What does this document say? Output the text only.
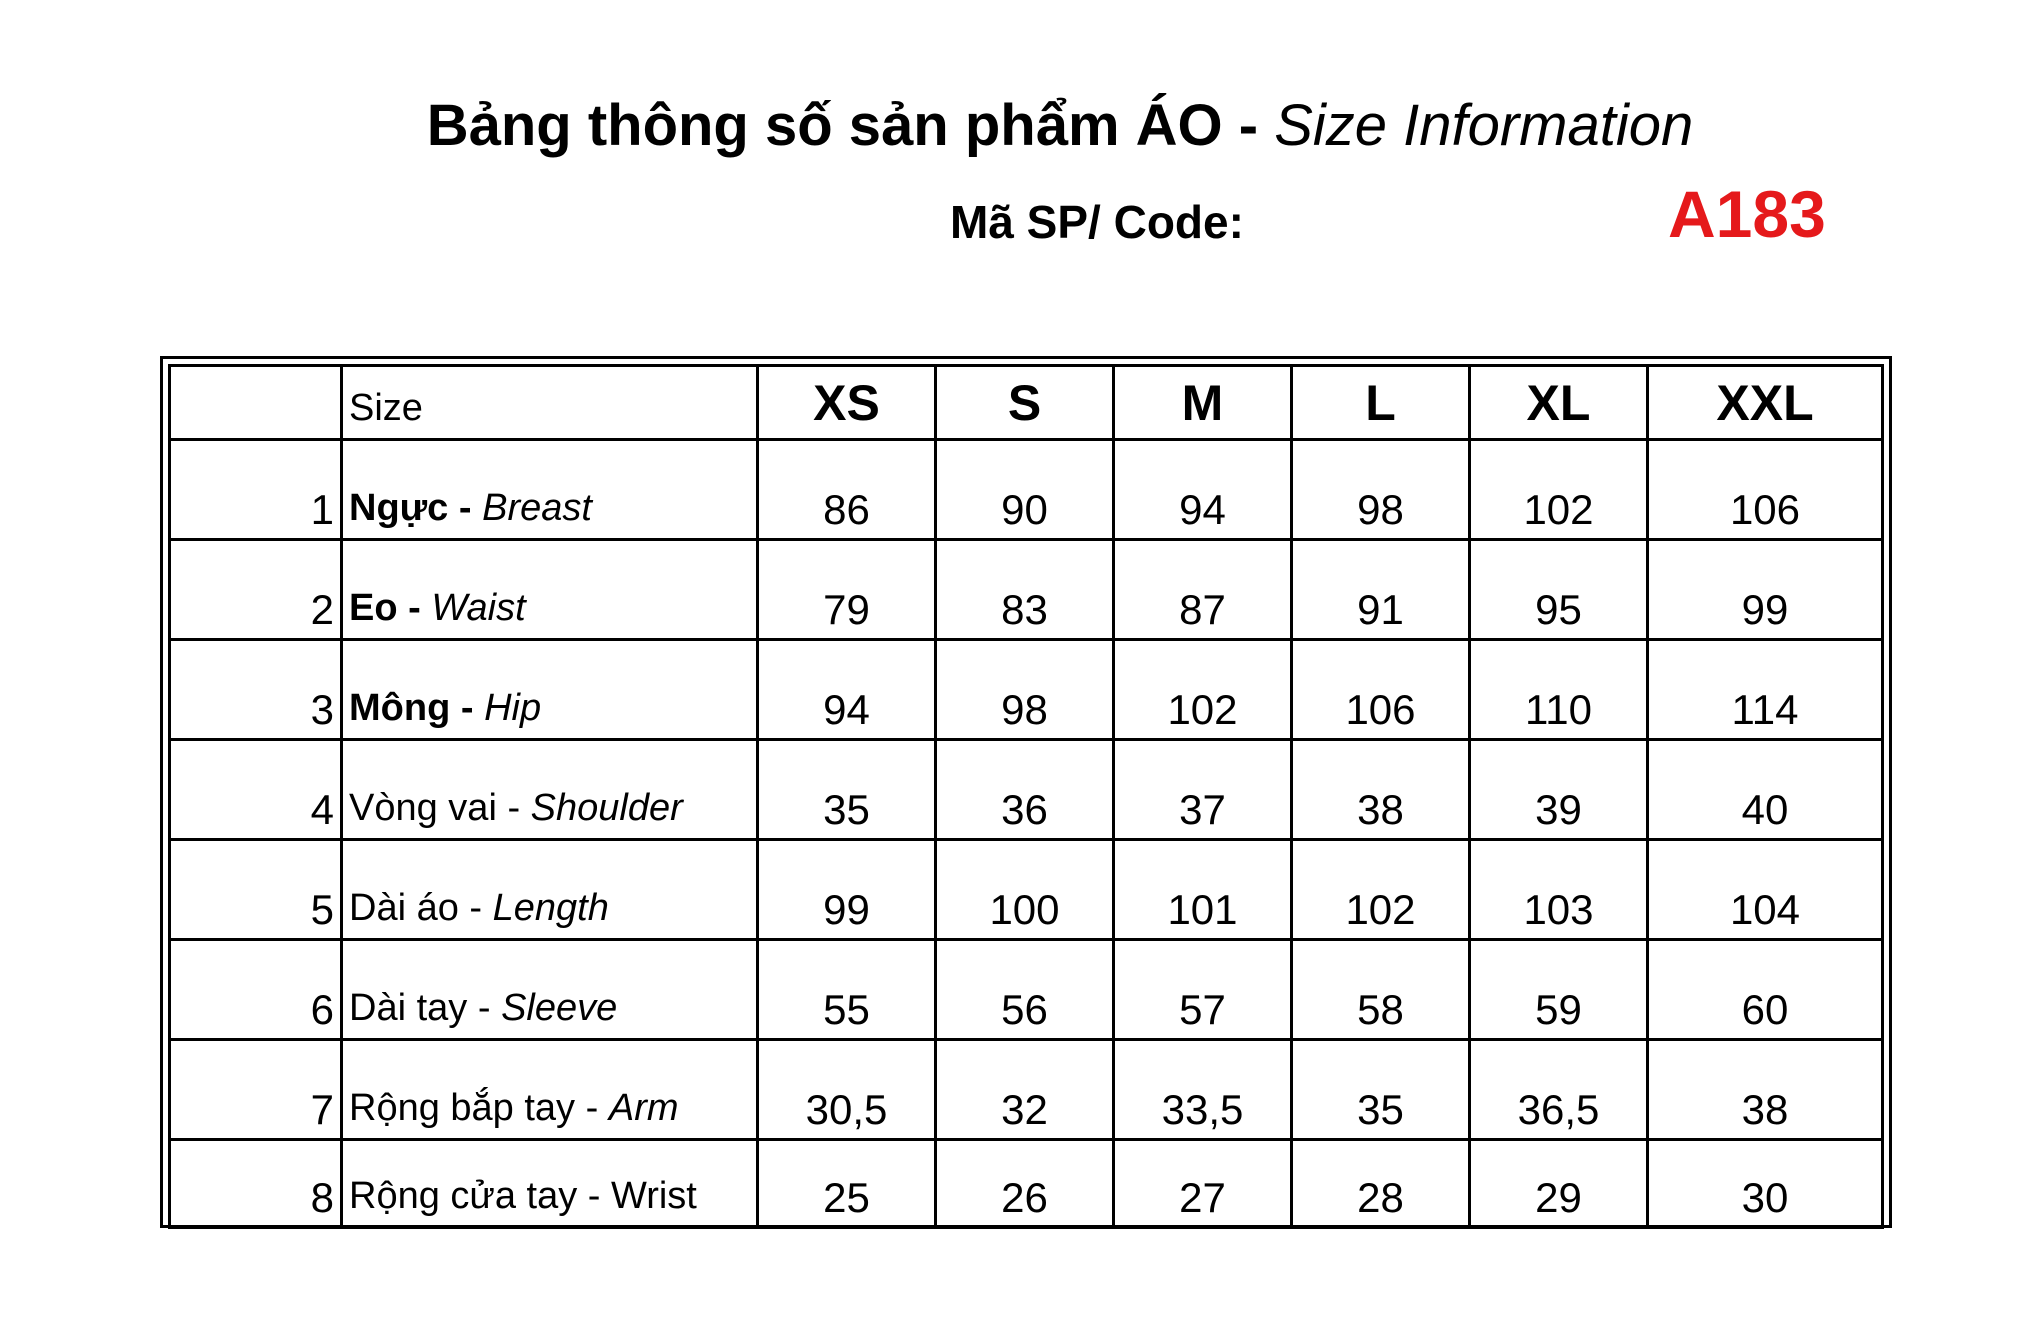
Bảng thông số sản phẩm ÁO - Size Information
Mã SP/ Code:	A183
	Size	XS	S	M	L	XL	XXL
1	Ngực - Breast	86	90	94	98	102	106
2	Eo - Waist	79	83	87	91	95	99
3	Mông - Hip	94	98	102	106	110	114
4	Vòng vai - Shoulder	35	36	37	38	39	40
5	Dài áo - Length	99	100	101	102	103	104
6	Dài tay - Sleeve	55	56	57	58	59	60
7	Rộng bắp tay - Arm	30,5	32	33,5	35	36,5	38
8	Rộng cửa tay - Wrist	25	26	27	28	29	30
